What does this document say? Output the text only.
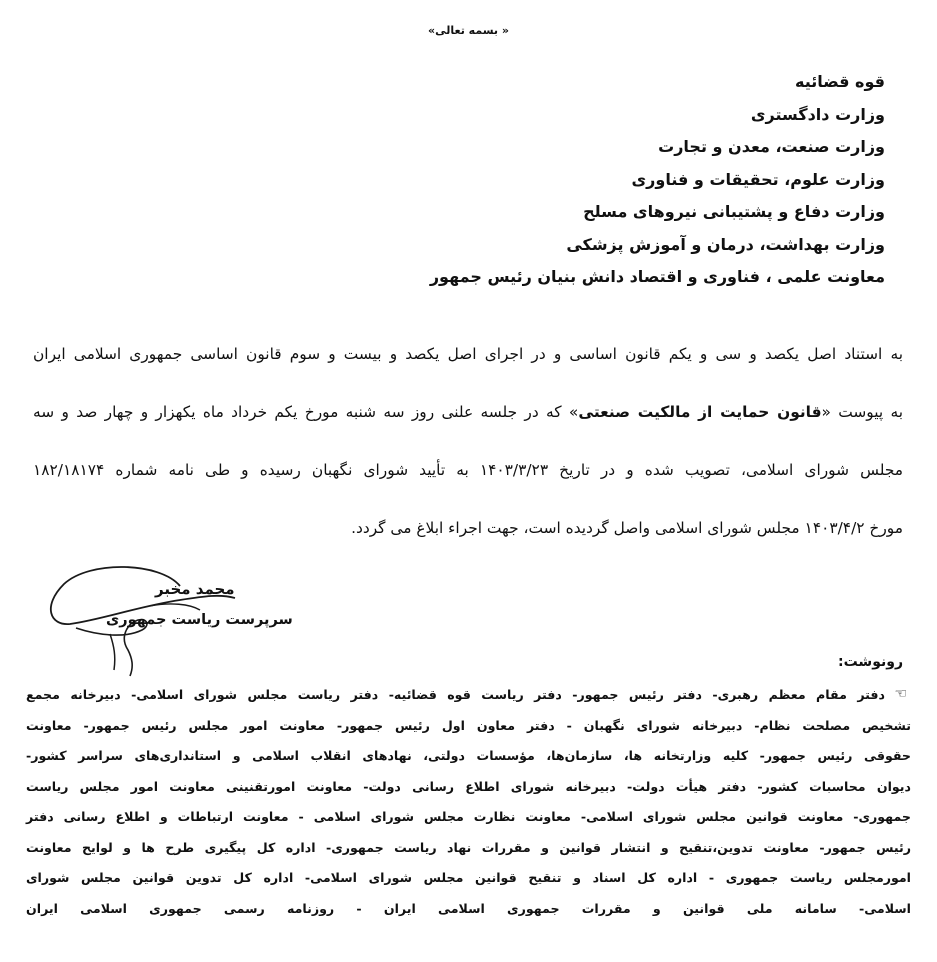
« بسمه تعالی»
قوه قضائیه
وزارت دادگستری
وزارت صنعت، معدن و تجارت
وزارت علوم، تحقیقات و فناوری
وزارت دفاع و پشتیبانی نیروهای مسلح
وزارت بهداشت، درمان و آموزش پزشکی
معاونت علمی ، فناوری و اقتصاد دانش بنیان رئیس جمهور
به استناد اصل یکصد و سی و یکم قانون اساسی و در اجرای اصل یکصد و بیست و سوم قانون اساسی جمهوری اسلامی ایران
به پیوست «قانون حمایت از مالکیت صنعتی» که در جلسه علنی روز سه شنبه مورخ یکم خرداد ماه یکهزار و چهار صد و سه
مجلس شورای اسلامی، تصویب شده و در تاریخ ۱۴۰۳/۳/۲۳ به تأیید شورای نگهبان رسیده و طی نامه شماره ۱۸۲/۱۸۱۷۴
مورخ ۱۴۰۳/۴/۲ مجلس شورای اسلامی واصل گردیده است، جهت اجراء ابلاغ می گردد.
محمد مخبر
سرپرست ریاست جمهوری
رونوشت:
☜
دفتر مقام معظم رهبری- دفتر رئیس جمهور- دفتر ریاست قوه قضائیه- دفتر ریاست مجلس شورای اسلامی- دبیرخانه مجمع
تشخیص مصلحت نظام- دبیرخانه شورای نگهبان - دفتر معاون اول رئیس جمهور- معاونت امور مجلس رئیس جمهور- معاونت
حقوقی رئیس جمهور- کلیه وزارتخانه ها، سازمان‌ها، مؤسسات دولتی، نهادهای انقلاب اسلامی و استانداری‌های سراسر کشور-
دیوان محاسبات کشور- دفتر هیأت دولت- دبیرخانه شورای اطلاع رسانی دولت- معاونت امورتقنینی معاونت امور مجلس ریاست
جمهوری- معاونت قوانین مجلس شورای اسلامی- معاونت نظارت مجلس شورای اسلامی - معاونت ارتباطات و اطلاع رسانی دفتر
رئیس جمهور- معاونت تدوین،تنقیح و انتشار قوانین و مقررات نهاد ریاست جمهوری- اداره کل پیگیری طرح ها و لوایح معاونت
امورمجلس ریاست جمهوری - اداره کل اسناد و تنقیح قوانین مجلس شورای اسلامی- اداره کل تدوین قوانین مجلس شورای
اسلامی- سامانه ملی قوانین و مقررات جمهوری اسلامی ایران - روزنامه رسمی جمهوری اسلامی ایران
